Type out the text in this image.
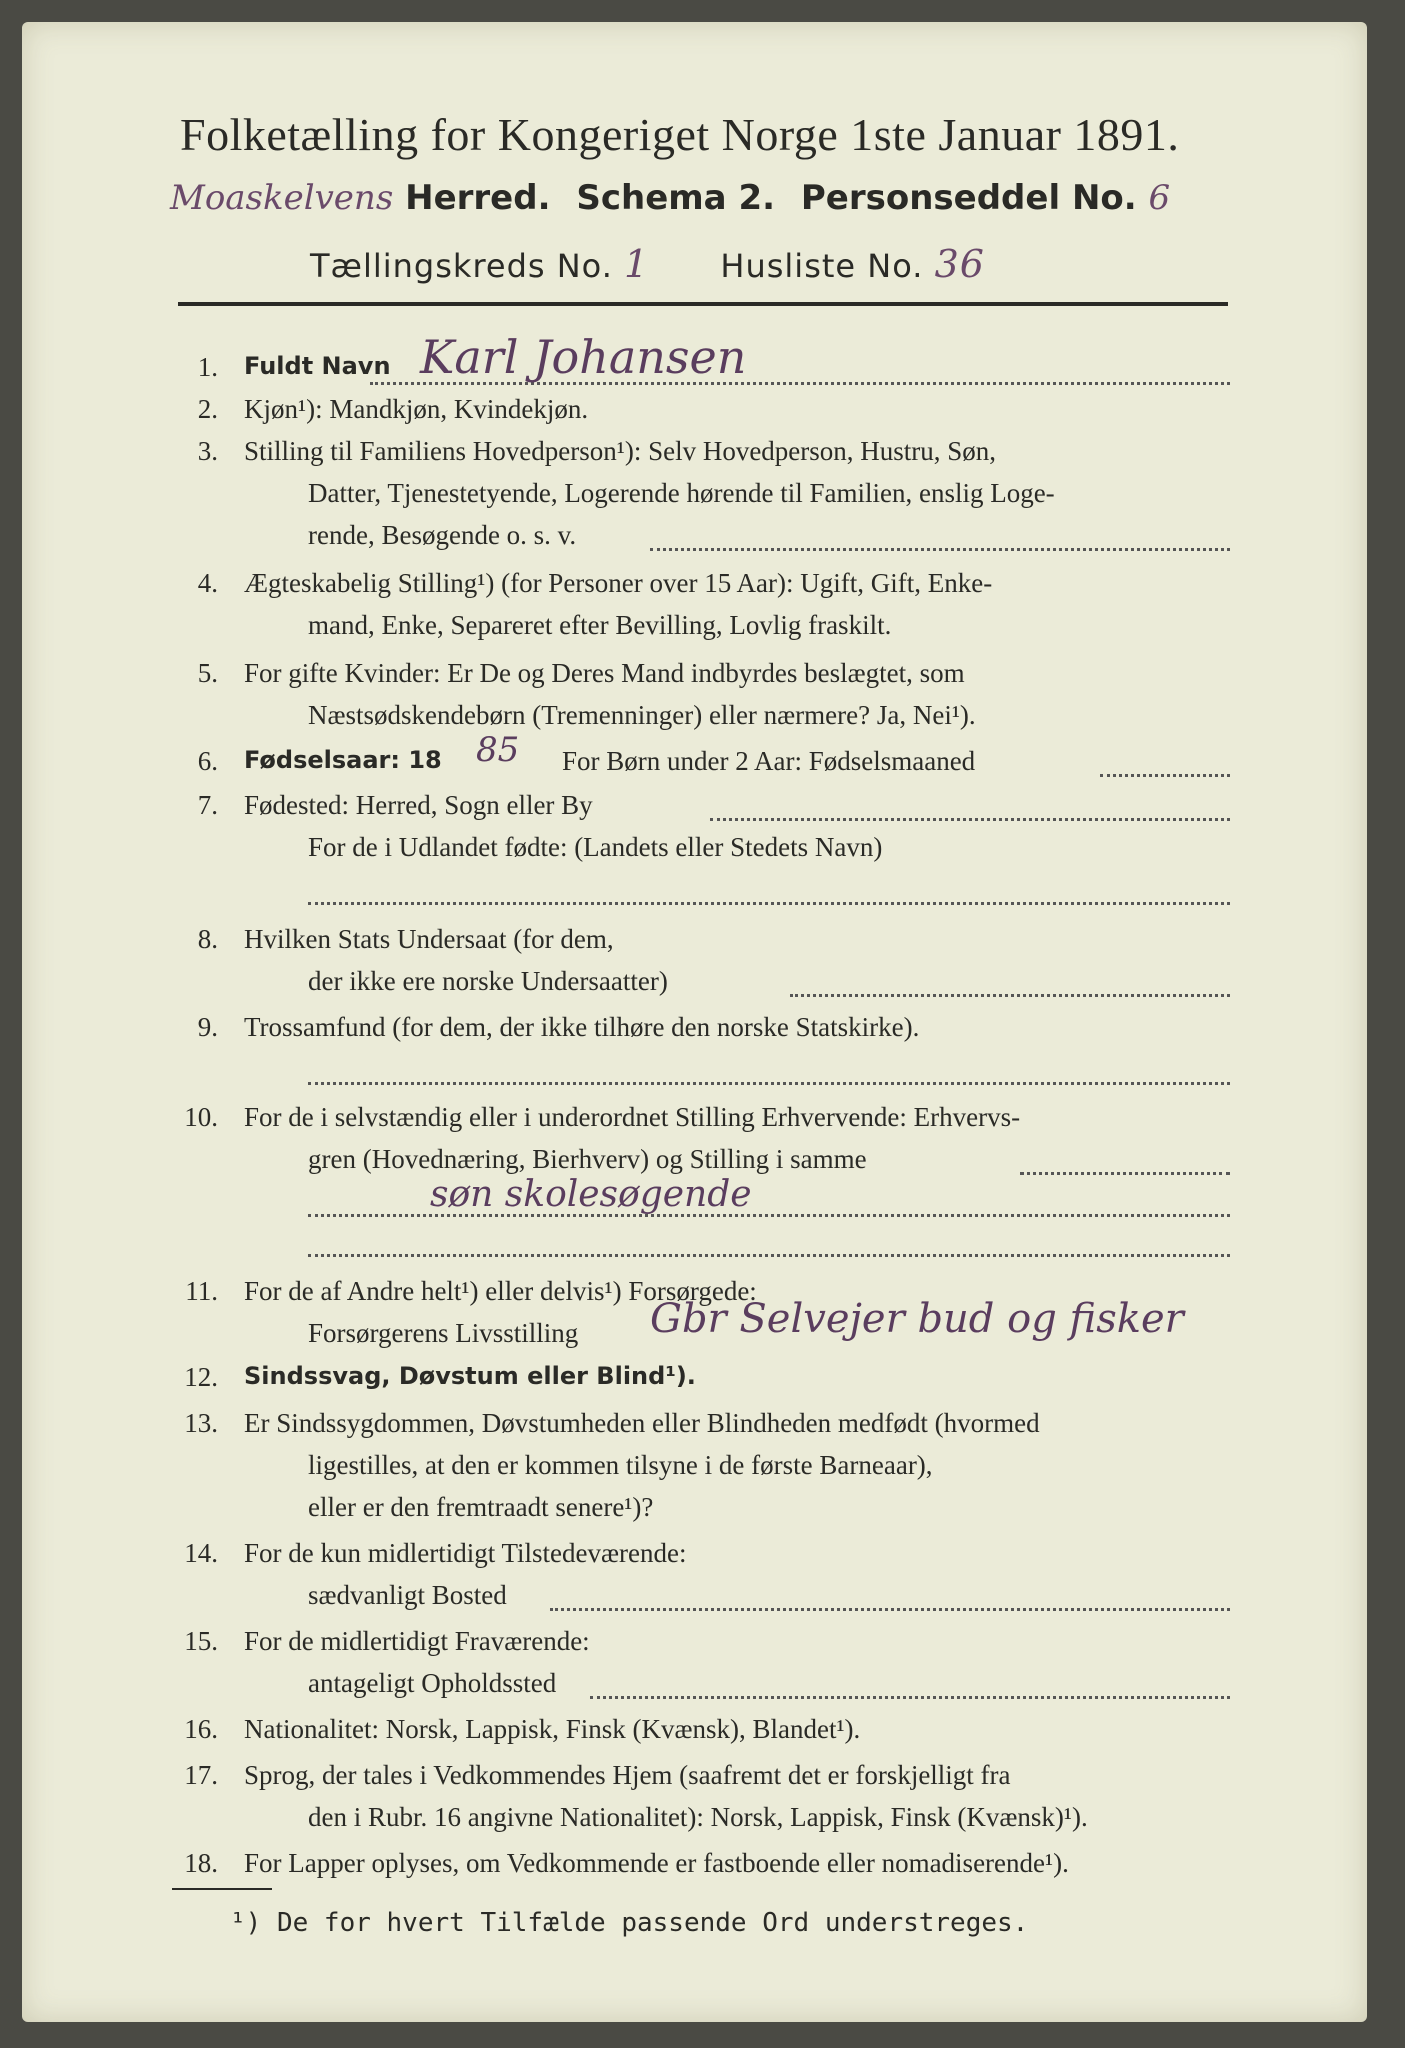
Folketælling for Kongeriget Norge 1ste Januar 1891.
Moaskelvens Herred. Schema 2. Personseddel No. 6
Tællingskreds No. 1 Husliste No. 36
1. Fuldt Navn Karl Johansen
2. Kjøn¹): Mandkjøn, Kvindekjøn.
3. Stilling til Familiens Hovedperson¹): Selv Hovedperson, Hustru, Søn,
Datter, Tjenestetyende, Logerende hørende til Familien, enslig Loge-
rende, Besøgende o. s. v.
4. Ægteskabelig Stilling¹) (for Personer over 15 Aar): Ugift, Gift, Enke-
mand, Enke, Separeret efter Bevilling, Lovlig fraskilt.
5. For gifte Kvinder: Er De og Deres Mand indbyrdes beslægtet, som
Næstsødskendebørn (Tremenninger) eller nærmere? Ja, Nei¹).
6. Fødselsaar: 18 85 For Børn under 2 Aar: Fødselsmaaned
7. Fødested: Herred, Sogn eller By
For de i Udlandet fødte: (Landets eller Stedets Navn)
8. Hvilken Stats Undersaat (for dem,
der ikke ere norske Undersaatter)
9. Trossamfund (for dem, der ikke tilhøre den norske Statskirke).
10. For de i selvstændig eller i underordnet Stilling Erhvervende: Erhvervs-
gren (Hovednæring, Bierhverv) og Stilling i samme
søn skolesøgende
11. For de af Andre helt¹) eller delvis¹) Forsørgede:
Forsørgerens Livsstilling Gbr Selvejer bud og fisker
12. Sindssvag, Døvstum eller Blind¹).
13. Er Sindssygdommen, Døvstumheden eller Blindheden medfødt (hvormed
ligestilles, at den er kommen tilsyne i de første Barneaar),
eller er den fremtraadt senere¹)?
14. For de kun midlertidigt Tilstedeværende:
sædvanligt Bosted
15. For de midlertidigt Fraværende:
antageligt Opholdssted
16. Nationalitet: Norsk, Lappisk, Finsk (Kvænsk), Blandet¹).
17. Sprog, der tales i Vedkommendes Hjem (saafremt det er forskjelligt fra
den i Rubr. 16 angivne Nationalitet): Norsk, Lappisk, Finsk (Kvænsk)¹).
18. For Lapper oplyses, om Vedkommende er fastboende eller nomadiserende¹).
¹) De for hvert Tilfælde passende Ord understreges.
